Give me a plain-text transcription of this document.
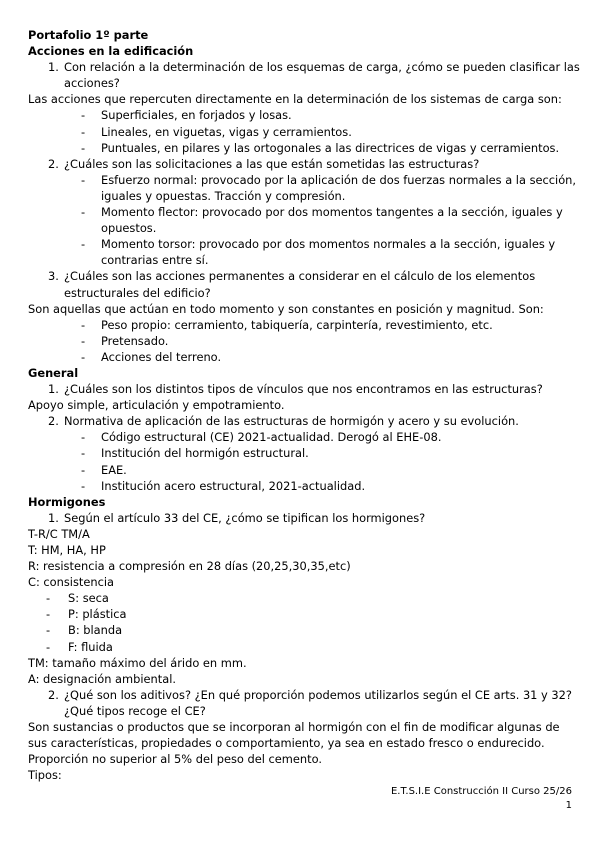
Portafolio 1º parte
Acciones en la edificación
1. Con relación a la determinación de los esquemas de carga, ¿cómo se pueden clasificar las acciones?
Las acciones que repercuten directamente en la determinación de los sistemas de carga son:
- Superficiales, en forjados y losas.
- Lineales, en viguetas, vigas y cerramientos.
- Puntuales, en pilares y las ortogonales a las directrices de vigas y cerramientos.
2. ¿Cuáles son las solicitaciones a las que están sometidas las estructuras?
- Esfuerzo normal: provocado por la aplicación de dos fuerzas normales a la sección, iguales y opuestas. Tracción y compresión.
- Momento flector: provocado por dos momentos tangentes a la sección, iguales y opuestos.
- Momento torsor: provocado por dos momentos normales a la sección, iguales y contrarias entre sí.
3. ¿Cuáles son las acciones permanentes a considerar en el cálculo de los elementos estructurales del edificio?
Son aquellas que actúan en todo momento y son constantes en posición y magnitud. Son:
- Peso propio: cerramiento, tabiquería, carpintería, revestimiento, etc.
- Pretensado.
- Acciones del terreno.
General
1. ¿Cuáles son los distintos tipos de vínculos que nos encontramos en las estructuras?
Apoyo simple, articulación y empotramiento.
2. Normativa de aplicación de las estructuras de hormigón y acero y su evolución.
- Código estructural (CE) 2021-actualidad. Derogó al EHE-08.
- Institución del hormigón estructural.
- EAE.
- Institución acero estructural, 2021-actualidad.
Hormigones
1. Según el artículo 33 del CE, ¿cómo se tipifican los hormigones?
T-R/C TM/A
T: HM, HA, HP
R: resistencia a compresión en 28 días (20,25,30,35,etc)
C: consistencia
- S: seca
- P: plástica
- B: blanda
- F: fluida
TM: tamaño máximo del árido en mm.
A: designación ambiental.
2. ¿Qué son los aditivos? ¿En qué proporción podemos utilizarlos según el CE arts. 31 y 32?¿Qué tipos recoge el CE?
Son sustancias o productos que se incorporan al hormigón con el fin de modificar algunas de sus características, propiedades o comportamiento, ya sea en estado fresco o endurecido.
Proporción no superior al 5% del peso del cemento.
Tipos:
E.T.S.I.E Construcción II Curso 25/26
1
